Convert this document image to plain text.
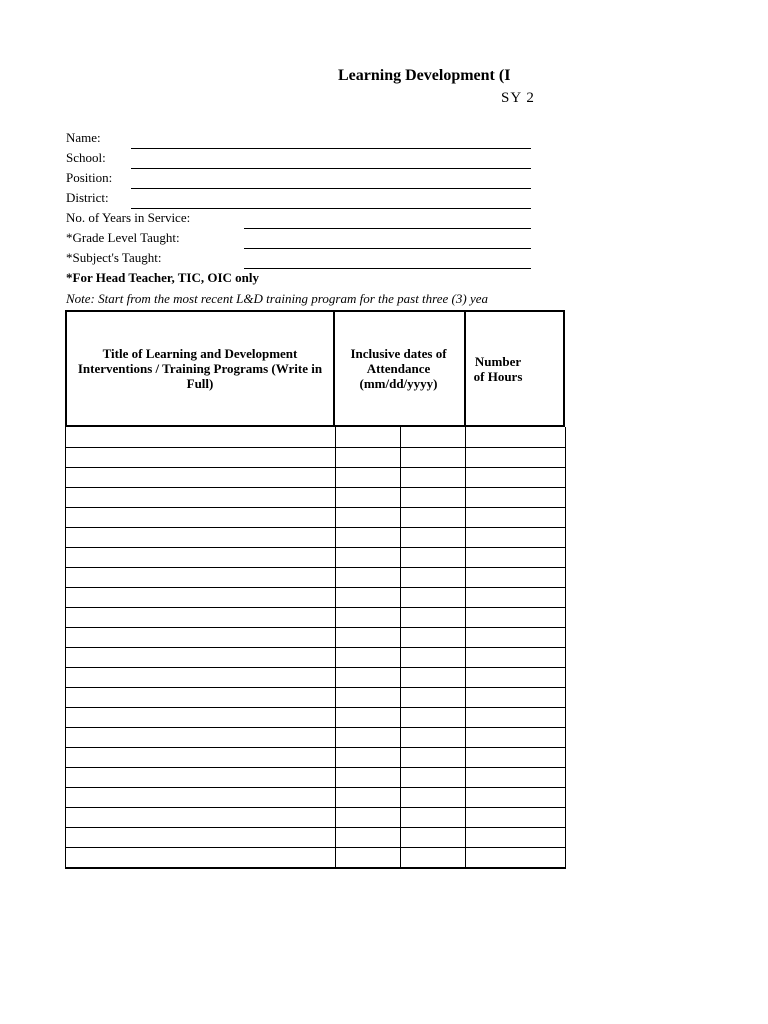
Learning Development (I
SY 2
Name:
School:
Position:
District:
No. of Years in Service:
*Grade Level Taught:
*Subject's Taught:
*For Head Teacher, TIC, OIC only
Note: Start from the most recent L&D training program for the past three (3) yea
Title of Learning and Development Interventions / Training Programs (Write in Full)
Inclusive dates of Attendance (mm/dd/yyyy)
Number of Hours
